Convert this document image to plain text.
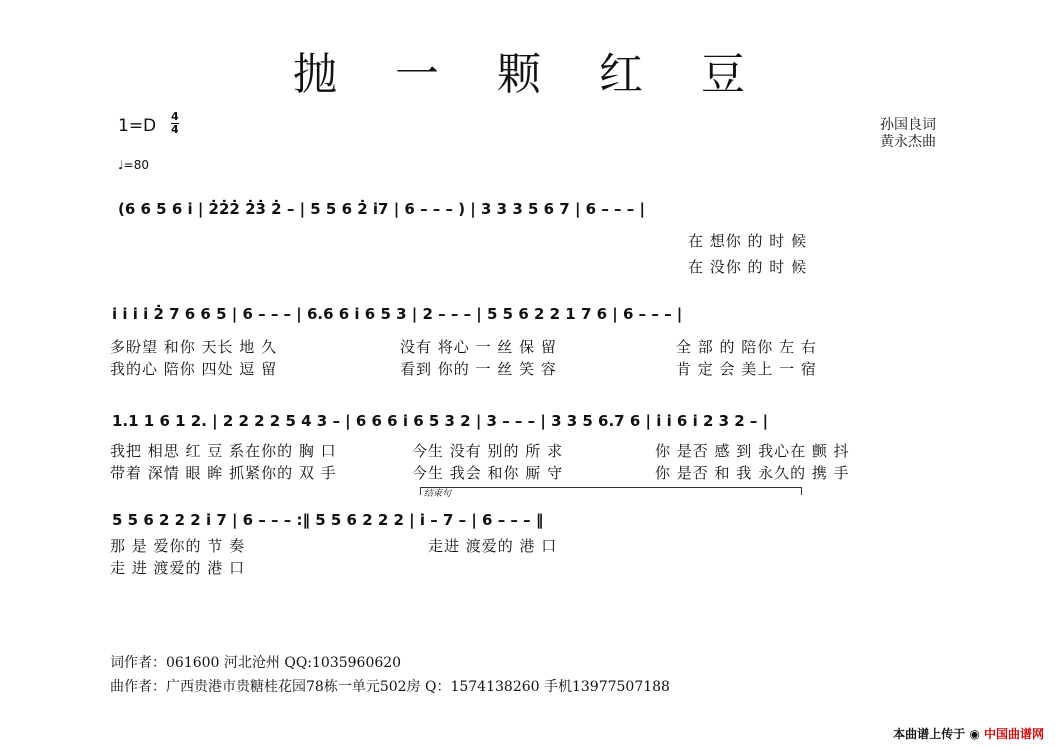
抛 一 颗 红 豆
1=D 4
4
♩=80
孙国良词
黄永杰曲
(6 6 5 6 i | 2̇2̇2̇ 2̇3̇ 2̇ – | 5 5 6 2̇ i7 | 6 – – – ) | 3 3 3 5 6 7 | 6 – – – |
在 想你 的 时 候
在 没你 的 时 候
i i i i 2̇ 7 6 6 5 | 6 – – – | 6.6 6 i 6 5 3 | 2 – – – | 5 5 6 2 2 1 7 6 | 6 – – – |
多盼望 和你 天长 地 久
我的心 陪你 四处 逗 留
没有 将心 一 丝 保 留
看到 你的 一 丝 笑 容
全 部 的 陪你 左 右
肯 定 会 美上 一 宿
1.1 1 6 1 2. | 2 2 2 2 5 4 3 – | 6 6 6 i 6 5 3 2 | 3 – – – | 3 3 5 6.7 6 | i i 6 i 2 3 2 – |
我把 相思 红 豆 系在你的 胸 口
带着 深情 眼 眸 抓紧你的 双 手
今生 没有 别的 所 求
今生 我会 和你 厮 守
你 是否 感 到 我心在 颤 抖
你 是否 和 我 永久的 携 手
结束句
5 5 6 2 2 2 i 7 | 6 – – – :‖ 5 5 6 2 2 2 | i – 7 – | 6 – – – ‖
那 是 爱你的 节 奏
走 进 渡爱的 港 口
走进 渡爱的 港 口
词作者：061600 河北沧州 QQ:1035960620
曲作者：广西贵港市贵糖桂花园78栋一单元502房 Q：1574138260 手机13977507188
本曲谱上传于 ◉ 中国曲谱网
